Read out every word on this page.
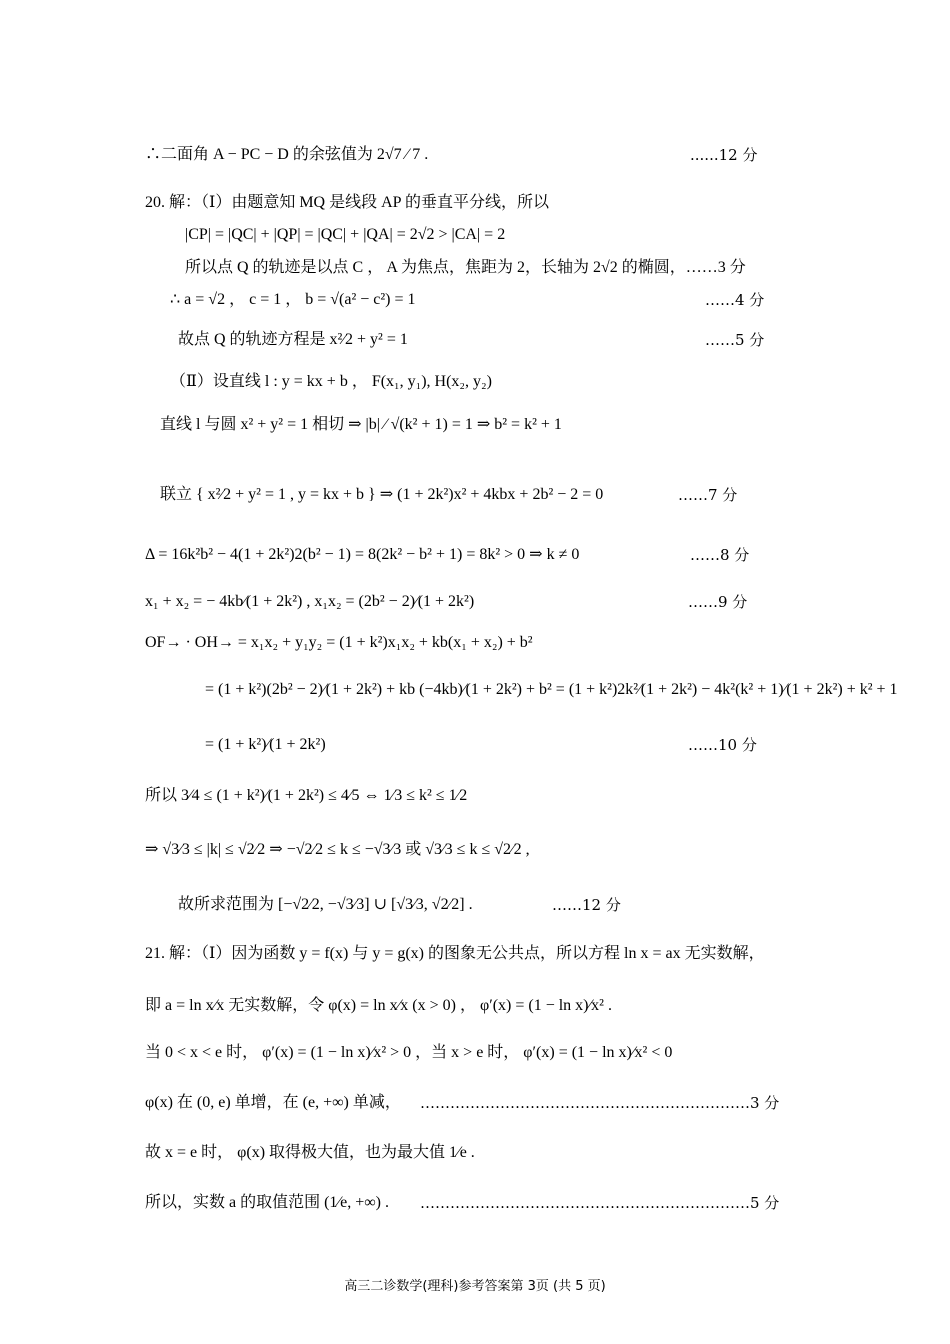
∴二面角 A − PC − D 的余弦值为 2√7 ⁄ 7 .	......12 分
20. 解：（Ⅰ）由题意知 MQ 是线段 AP 的垂直平分线，所以
|CP| = |QC| + |QP| = |QC| + |QA| = 2√2 > |CA| = 2
所以点 Q 的轨迹是以点 C ， A 为焦点，焦距为 2，长轴为 2√2 的椭圆，……3 分
∴ a = √2 ， c = 1 ， b = √(a² − c²) = 1	……4 分
故点 Q 的轨迹方程是 x²⁄2 + y² = 1	……5 分
（Ⅱ）设直线 l : y = kx + b ， F(x₁, y₁), H(x₂, y₂)
直线 l 与圆 x² + y² = 1 相切 ⇒ |b| ⁄ √(k² + 1) = 1 ⇒ b² = k² + 1
联立 { x²⁄2 + y² = 1 , y = kx + b } ⇒ (1 + 2k²)x² + 4kbx + 2b² − 2 = 0	……7 分
Δ = 16k²b² − 4(1 + 2k²)2(b² − 1) = 8(2k² − b² + 1) = 8k² > 0 ⇒ k ≠ 0	……8 分
x₁ + x₂ = − 4kb⁄(1 + 2k²) , x₁x₂ = (2b² − 2)⁄(1 + 2k²)	……9 分
OF→ · OH→ = x₁x₂ + y₁y₂ = (1 + k²)x₁x₂ + kb(x₁ + x₂) + b²
= (1 + k²)(2b² − 2)⁄(1 + 2k²) + kb (−4kb)⁄(1 + 2k²) + b² = (1 + k²)2k²⁄(1 + 2k²) − 4k²(k² + 1)⁄(1 + 2k²) + k² + 1
= (1 + k²)⁄(1 + 2k²)	……10 分
所以 3⁄4 ≤ (1 + k²)⁄(1 + 2k²) ≤ 4⁄5 ⇔ 1⁄3 ≤ k² ≤ 1⁄2
⇒ √3⁄3 ≤ |k| ≤ √2⁄2 ⇒ −√2⁄2 ≤ k ≤ −√3⁄3 或 √3⁄3 ≤ k ≤ √2⁄2 ,
故所求范围为 [−√2⁄2, −√3⁄3] ∪ [√3⁄3, √2⁄2] .	……12 分
21. 解：（Ⅰ）因为函数 y = f(x) 与 y = g(x) 的图象无公共点，所以方程 ln x = ax 无实数解，
即 a = ln x⁄x 无实数解，令 φ(x) = ln x⁄x (x > 0) ， φ′(x) = (1 − ln x)⁄x² .
当 0 < x < e 时， φ′(x) = (1 − ln x)⁄x² > 0 ，当 x > e 时， φ′(x) = (1 − ln x)⁄x² < 0
φ(x) 在 (0, e) 单增，在 (e, +∞) 单减， …………………………………………………………3 分
故 x = e 时， φ(x) 取得极大值，也为最大值 1⁄e .
所以，实数 a 的取值范围 (1⁄e, +∞) . …………………………………………………………5 分
高三二诊数学(理科)参考答案第 3页 (共 5 页)
